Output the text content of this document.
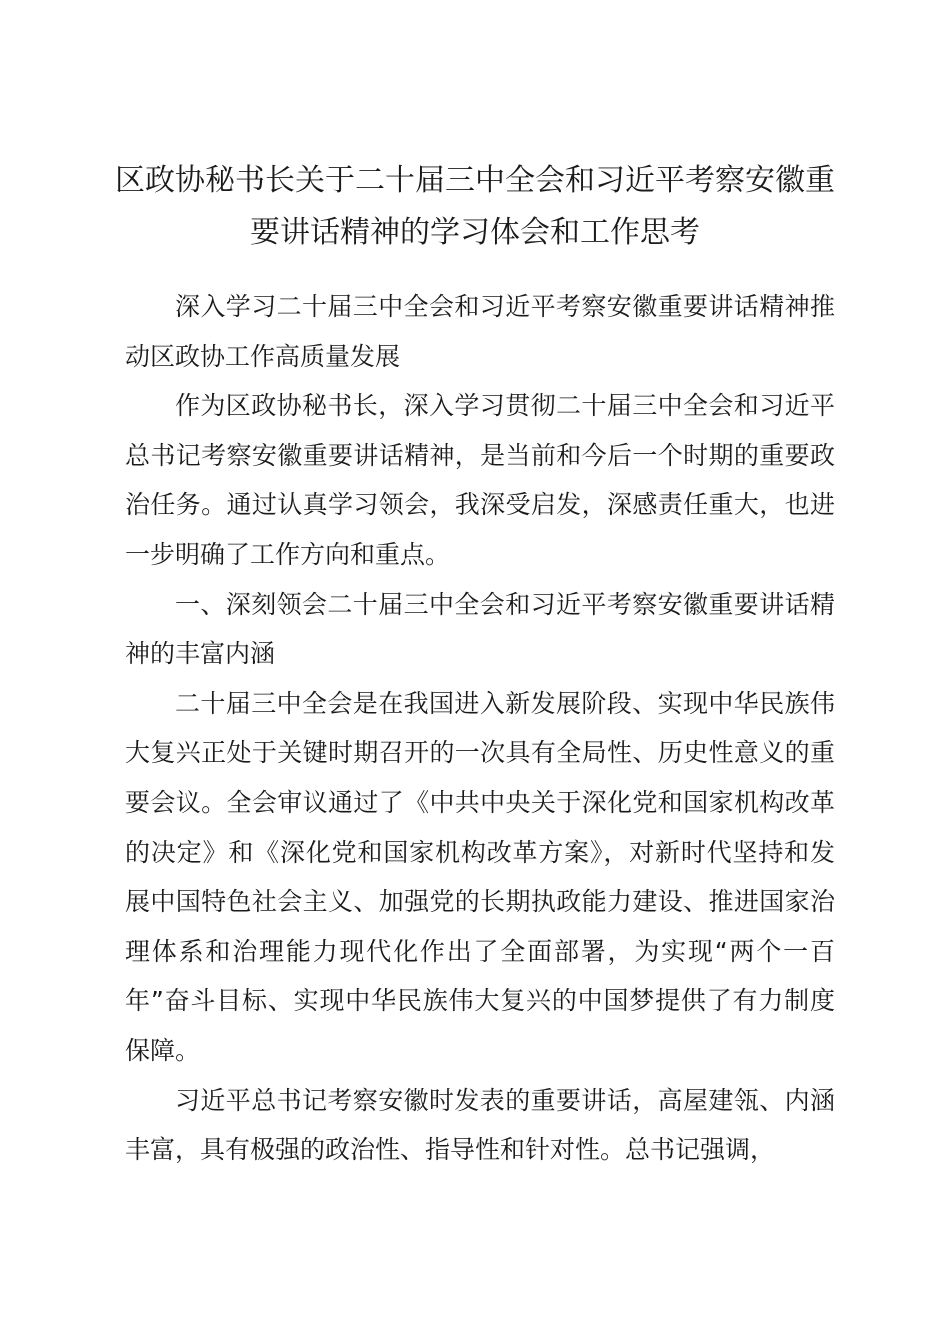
区政协秘书长关于二十届三中全会和习近平考察安徽重
要讲话精神的学习体会和工作思考

深入学习二十届三中全会和习近平考察安徽重要讲话精神推动区政协工作高质量发展

作为区政协秘书长，深入学习贯彻二十届三中全会和习近平总书记考察安徽重要讲话精神，是当前和今后一个时期的重要政治任务。通过认真学习领会，我深受启发，深感责任重大，也进一步明确了工作方向和重点。

一、深刻领会二十届三中全会和习近平考察安徽重要讲话精神的丰富内涵

二十届三中全会是在我国进入新发展阶段、实现中华民族伟大复兴正处于关键时期召开的一次具有全局性、历史性意义的重要会议。全会审议通过了《中共中央关于深化党和国家机构改革的决定》和《深化党和国家机构改革方案》，对新时代坚持和发展中国特色社会主义、加强党的长期执政能力建设、推进国家治理体系和治理能力现代化作出了全面部署，为实现“两个一百年”奋斗目标、实现中华民族伟大复兴的中国梦提供了有力制度保障。

习近平总书记考察安徽时发表的重要讲话，高屋建瓴、内涵丰富，具有极强的政治性、指导性和针对性。总书记强调，
